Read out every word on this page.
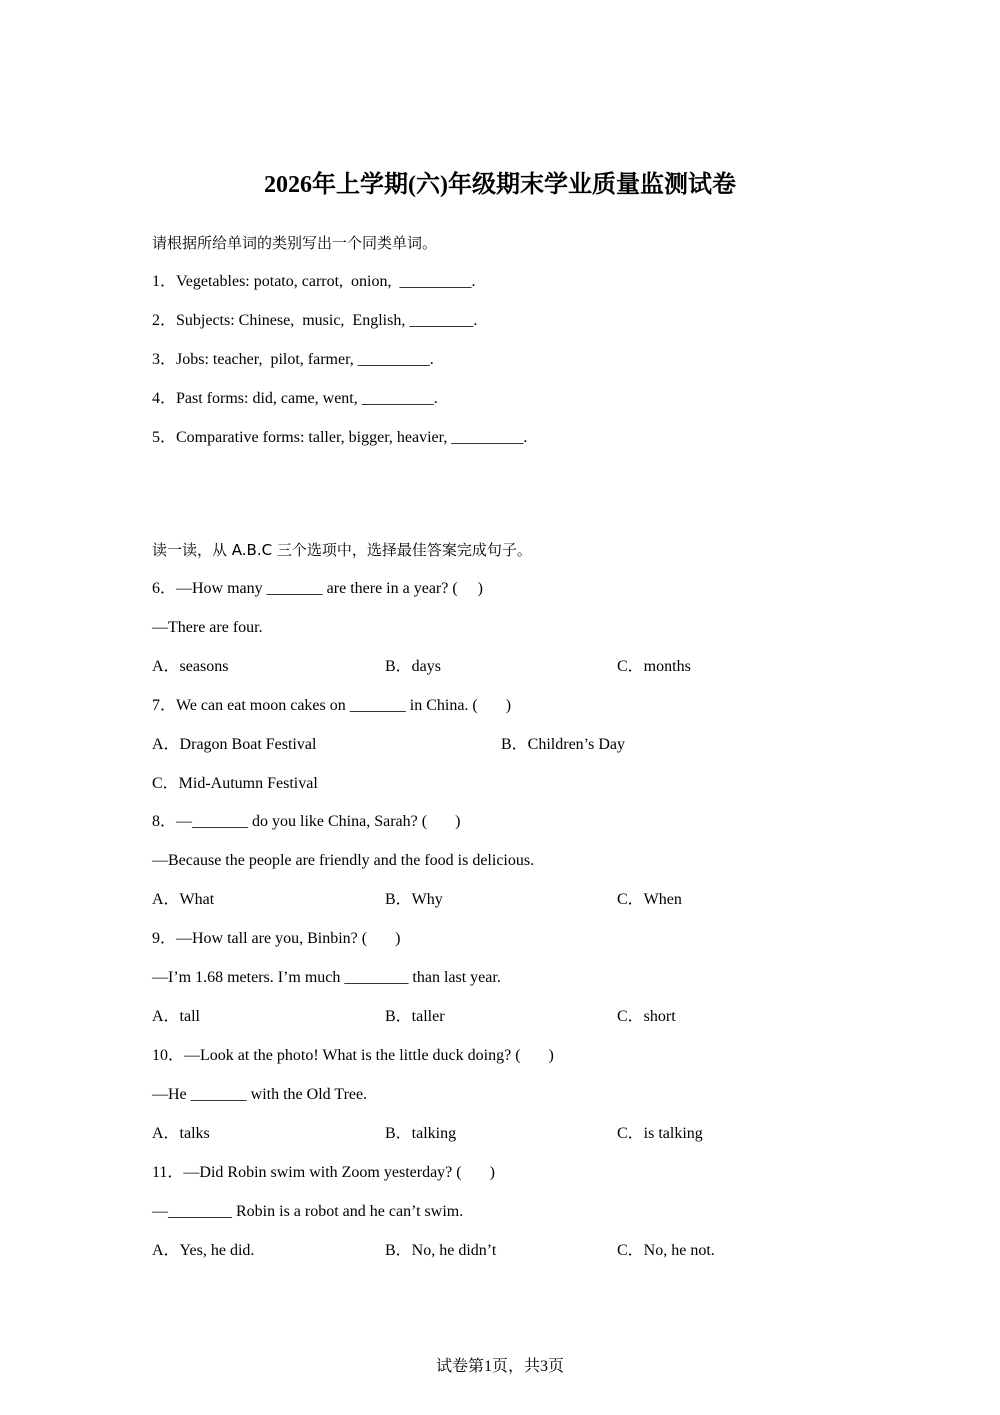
2026年上学期(六)年级期末学业质量监测试卷
请根据所给单词的类别写出一个同类单词。
1．Vegetables: potato, carrot,  onion,  _________.
2．Subjects: Chinese,  music,  English, ________.
3．Jobs: teacher,  pilot, farmer, _________.
4．Past forms: did, came, went, _________.
5．Comparative forms: taller, bigger, heavier, _________.
读一读，从 A.B.C 三个选项中，选择最佳答案完成句子。
6．—How many _______ are there in a year? (     )
—There are four.
A．seasons	B．days	C．months
7．We can eat moon cakes on _______ in China. (       )
A．Dragon Boat Festival	B．Children’s Day
C．Mid-Autumn Festival
8．—_______ do you like China, Sarah? (       )
—Because the people are friendly and the food is delicious.
A．What	B．Why	C．When
9．—How tall are you, Binbin? (       )
—I’m 1.68 meters. I’m much ________ than last year.
A．tall	B．taller	C．short
10．—Look at the photo! What is the little duck doing? (       )
—He _______ with the Old Tree.
A．talks	B．talking	C．is talking
11．—Did Robin swim with Zoom yesterday? (       )
—________ Robin is a robot and he can’t swim.
A．Yes, he did.	B．No, he didn’t	C．No, he not.
试卷第1页，共3页
